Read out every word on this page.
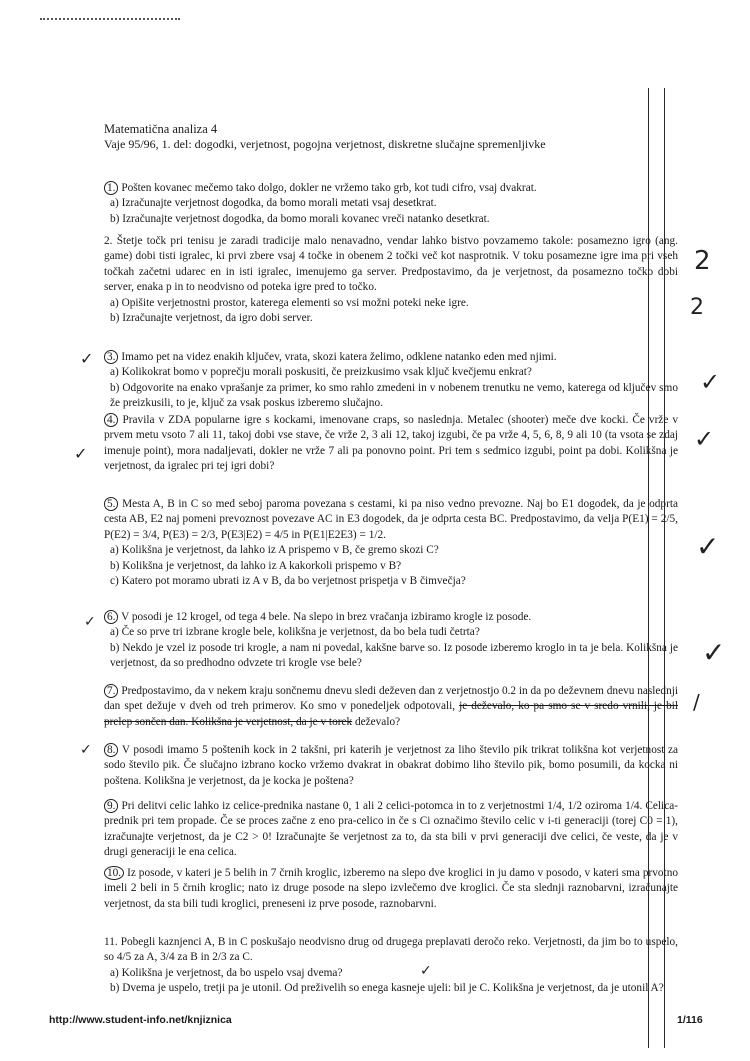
Matematična analiza 4
Vaje 95/96, 1. del: dogodki, verjetnost, pogojna verjetnost, diskretne slučajne spremenljivke

1. Pošten kovanec mečemo tako dolgo, dokler ne vržemo tako grb, kot tudi cifro, vsaj dvakrat.

a) Izračunajte verjetnost dogodka, da bomo morali metati vsaj desetkrat.

b) Izračunajte verjetnost dogodka, da bomo morali kovanec vreči natanko desetkrat.

2. Štetje točk pri tenisu je zaradi tradicije malo nenavadno, vendar lahko bistvo povzamemo takole: posamezno igro (ang. game) dobi tisti igralec, ki prvi zbere vsaj 4 točke in obenem 2 točki več kot nasprotnik. V toku posamezne igre ima pri vseh točkah začetni udarec en in isti igralec, imenujemo ga server. Predpostavimo, da je verjetnost, da posamezno točko dobi server, enaka p in to neodvisno od poteka igre pred to točko.

a) Opišite verjetnostni prostor, katerega elementi so vsi možni poteki neke igre.

b) Izračunajte verjetnost, da igro dobi server.

3. Imamo pet na videz enakih ključev, vrata, skozi katera želimo, odklene natanko eden med njimi.

a) Kolikokrat bomo v poprečju morali poskusiti, če preizkusimo vsak ključ kvečjemu enkrat?

b) Odgovorite na enako vprašanje za primer, ko smo rahlo zmedeni in v nobenem trenutku ne vemo, katerega od ključev smo že preizkusili, to je, ključ za vsak poskus izberemo slučajno.

4. Pravila v ZDA popularne igre s kockami, imenovane craps, so naslednja. Metalec (shooter) meče dve kocki. Če vrže v prvem metu vsoto 7 ali 11, takoj dobi vse stave, če vrže 2, 3 ali 12, takoj izgubi, če pa vrže 4, 5, 6, 8, 9 ali 10 (ta vsota se zdaj imenuje point), mora nadaljevati, dokler ne vrže 7 ali pa ponovno point. Pri tem s sedmico izgubi, point pa dobi. Kolikšna je verjetnost, da igralec pri tej igri dobi?

5. Mesta A, B in C so med seboj paroma povezana s cestami, ki pa niso vedno prevozne. Naj bo E1 dogodek, da je odprta cesta AB, E2 naj pomeni prevoznost povezave AC in E3 dogodek, da je odprta cesta BC. Predpostavimo, da velja P(E1) = 2/5, P(E2) = 3/4, P(E3) = 2/3, P(E3|E2) = 4/5 in P(E1|E2E3) = 1/2.

a) Kolikšna je verjetnost, da lahko iz A prispemo v B, če gremo skozi C?

b) Kolikšna je verjetnost, da lahko iz A kakorkoli prispemo v B?

c) Katero pot moramo ubrati iz A v B, da bo verjetnost prispetja v B čimvečja?

6. V posodi je 12 krogel, od tega 4 bele. Na slepo in brez vračanja izbiramo krogle iz posode.

a) Če so prve tri izbrane krogle bele, kolikšna je verjetnost, da bo bela tudi četrta?

b) Nekdo je vzel iz posode tri krogle, a nam ni povedal, kakšne barve so. Iz posode izberemo kroglo in ta je bela. Kolikšna je verjetnost, da so predhodno odvzete tri krogle vse bele?

7. Predpostavimo, da v nekem kraju sončnemu dnevu sledi deževen dan z verjetnostjo 0.2 in da po deževnem dnevu naslednji dan spet dežuje v dveh od treh primerov. Ko smo v ponedeljek odpotovali, je deževalo, ko pa smo se v sredo vrnili, je bil prelep sončen dan. Kolikšna je verjetnost, da je v torek deževalo?

8. V posodi imamo 5 poštenih kock in 2 takšni, pri katerih je verjetnost za liho število pik trikrat tolikšna kot verjetnost za sodo število pik. Če slučajno izbrano kocko vržemo dvakrat in obakrat dobimo liho število pik, bomo posumili, da kocka ni poštena. Kolikšna je verjetnost, da je kocka je poštena?

9. Pri delitvi celic lahko iz celice-prednika nastane 0, 1 ali 2 celici-potomca in to z verjetnostmi 1/4, 1/2 oziroma 1/4. Celica-prednik pri tem propade. Če se proces začne z eno pra-celico in če s Ci označimo število celic v i-ti generaciji (torej C0 = 1), izračunajte verjetnost, da je C2 > 0! Izračunajte še verjetnost za to, da sta bili v prvi generaciji dve celici, če veste, da je v drugi generaciji le ena celica.

10. Iz posode, v kateri je 5 belih in 7 črnih kroglic, izberemo na slepo dve kroglici in ju damo v posodo, v kateri sma prvotno imeli 2 beli in 5 črnih kroglic; nato iz druge posode na slepo izvlečemo dve kroglici. Če sta slednji raznobarvni, izračunajte verjetnost, da sta bili tudi kroglici, preneseni iz prve posode, raznobarvni.

11. Pobegli kaznjenci A, B in C poskušajo neodvisno drug od drugega preplavati deročo reko. Verjetnosti, da jim bo to uspelo, so 4/5 za A, 3/4 za B in 2/3 za C.

a) Kolikšna je verjetnost, da bo uspelo vsaj dvema?

b) Dvema je uspelo, tretji pa je utonil. Od preživelih so enega kasneje ujeli: bil je C. Kolikšna je verjetnost, da je utonil A?

2
2
✓
✓
✓
✓
/
✓
✓
✓
✓
✓
http://www.student-info.net/knjiznica	1/116
